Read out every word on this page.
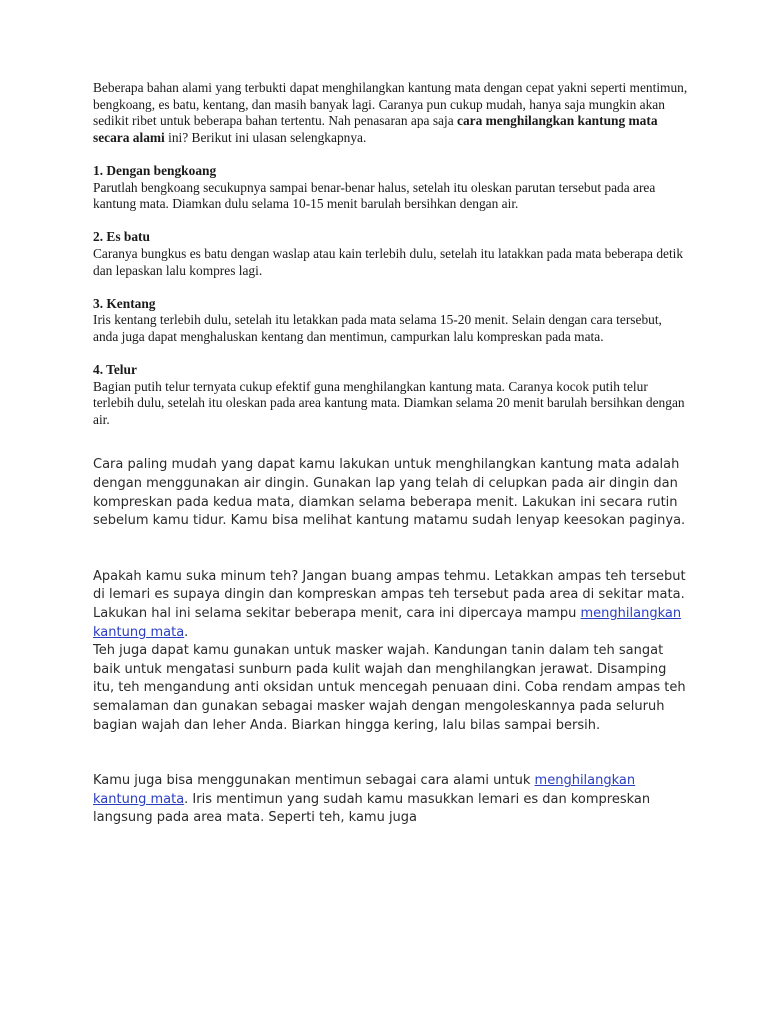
Beberapa bahan alami yang terbukti dapat menghilangkan kantung mata dengan cepat yakni seperti mentimun, bengkoang, es batu, kentang, dan masih banyak lagi. Caranya pun cukup mudah, hanya saja mungkin akan sedikit ribet untuk beberapa bahan tertentu. Nah penasaran apa saja cara menghilangkan kantung mata secara alami ini? Berikut ini ulasan selengkapnya.

1. Dengan bengkoang

Parutlah bengkoang secukupnya sampai benar-benar halus, setelah itu oleskan parutan tersebut pada area kantung mata. Diamkan dulu selama 10-15 menit barulah bersihkan dengan air.

2. Es batu

Caranya bungkus es batu dengan waslap atau kain terlebih dulu, setelah itu latakkan pada mata beberapa detik dan lepaskan lalu kompres lagi.

3. Kentang

Iris kentang terlebih dulu, setelah itu letakkan pada mata selama 15-20 menit. Selain dengan cara tersebut, anda juga dapat menghaluskan kentang dan mentimun, campurkan lalu kompreskan pada mata.

4. Telur

Bagian putih telur ternyata cukup efektif guna menghilangkan kantung mata. Caranya kocok putih telur terlebih dulu, setelah itu oleskan pada area kantung mata. Diamkan selama 20 menit barulah bersihkan dengan air.

Cara paling mudah yang dapat kamu lakukan untuk menghilangkan kantung mata adalah dengan menggunakan air dingin. Gunakan lap yang telah di celupkan pada air dingin dan kompreskan pada kedua mata, diamkan selama beberapa menit. Lakukan ini secara rutin sebelum kamu tidur. Kamu bisa melihat kantung matamu sudah lenyap keesokan paginya.

Apakah kamu suka minum teh? Jangan buang ampas tehmu. Letakkan ampas teh tersebut di lemari es supaya dingin dan kompreskan ampas teh tersebut pada area di sekitar mata. Lakukan hal ini selama sekitar beberapa menit, cara ini dipercaya mampu menghilangkan kantung mata.
Teh juga dapat kamu gunakan untuk masker wajah. Kandungan tanin dalam teh sangat baik untuk mengatasi sunburn pada kulit wajah dan menghilangkan jerawat. Disamping itu, teh mengandung anti oksidan untuk mencegah penuaan dini. Coba rendam ampas teh semalaman dan gunakan sebagai masker wajah dengan mengoleskannya pada seluruh bagian wajah dan leher Anda. Biarkan hingga kering, lalu bilas sampai bersih.

Kamu juga bisa menggunakan mentimun sebagai cara alami untuk menghilangkan kantung mata. Iris mentimun yang sudah kamu masukkan lemari es dan kompreskan langsung pada area mata. Seperti teh, kamu juga
